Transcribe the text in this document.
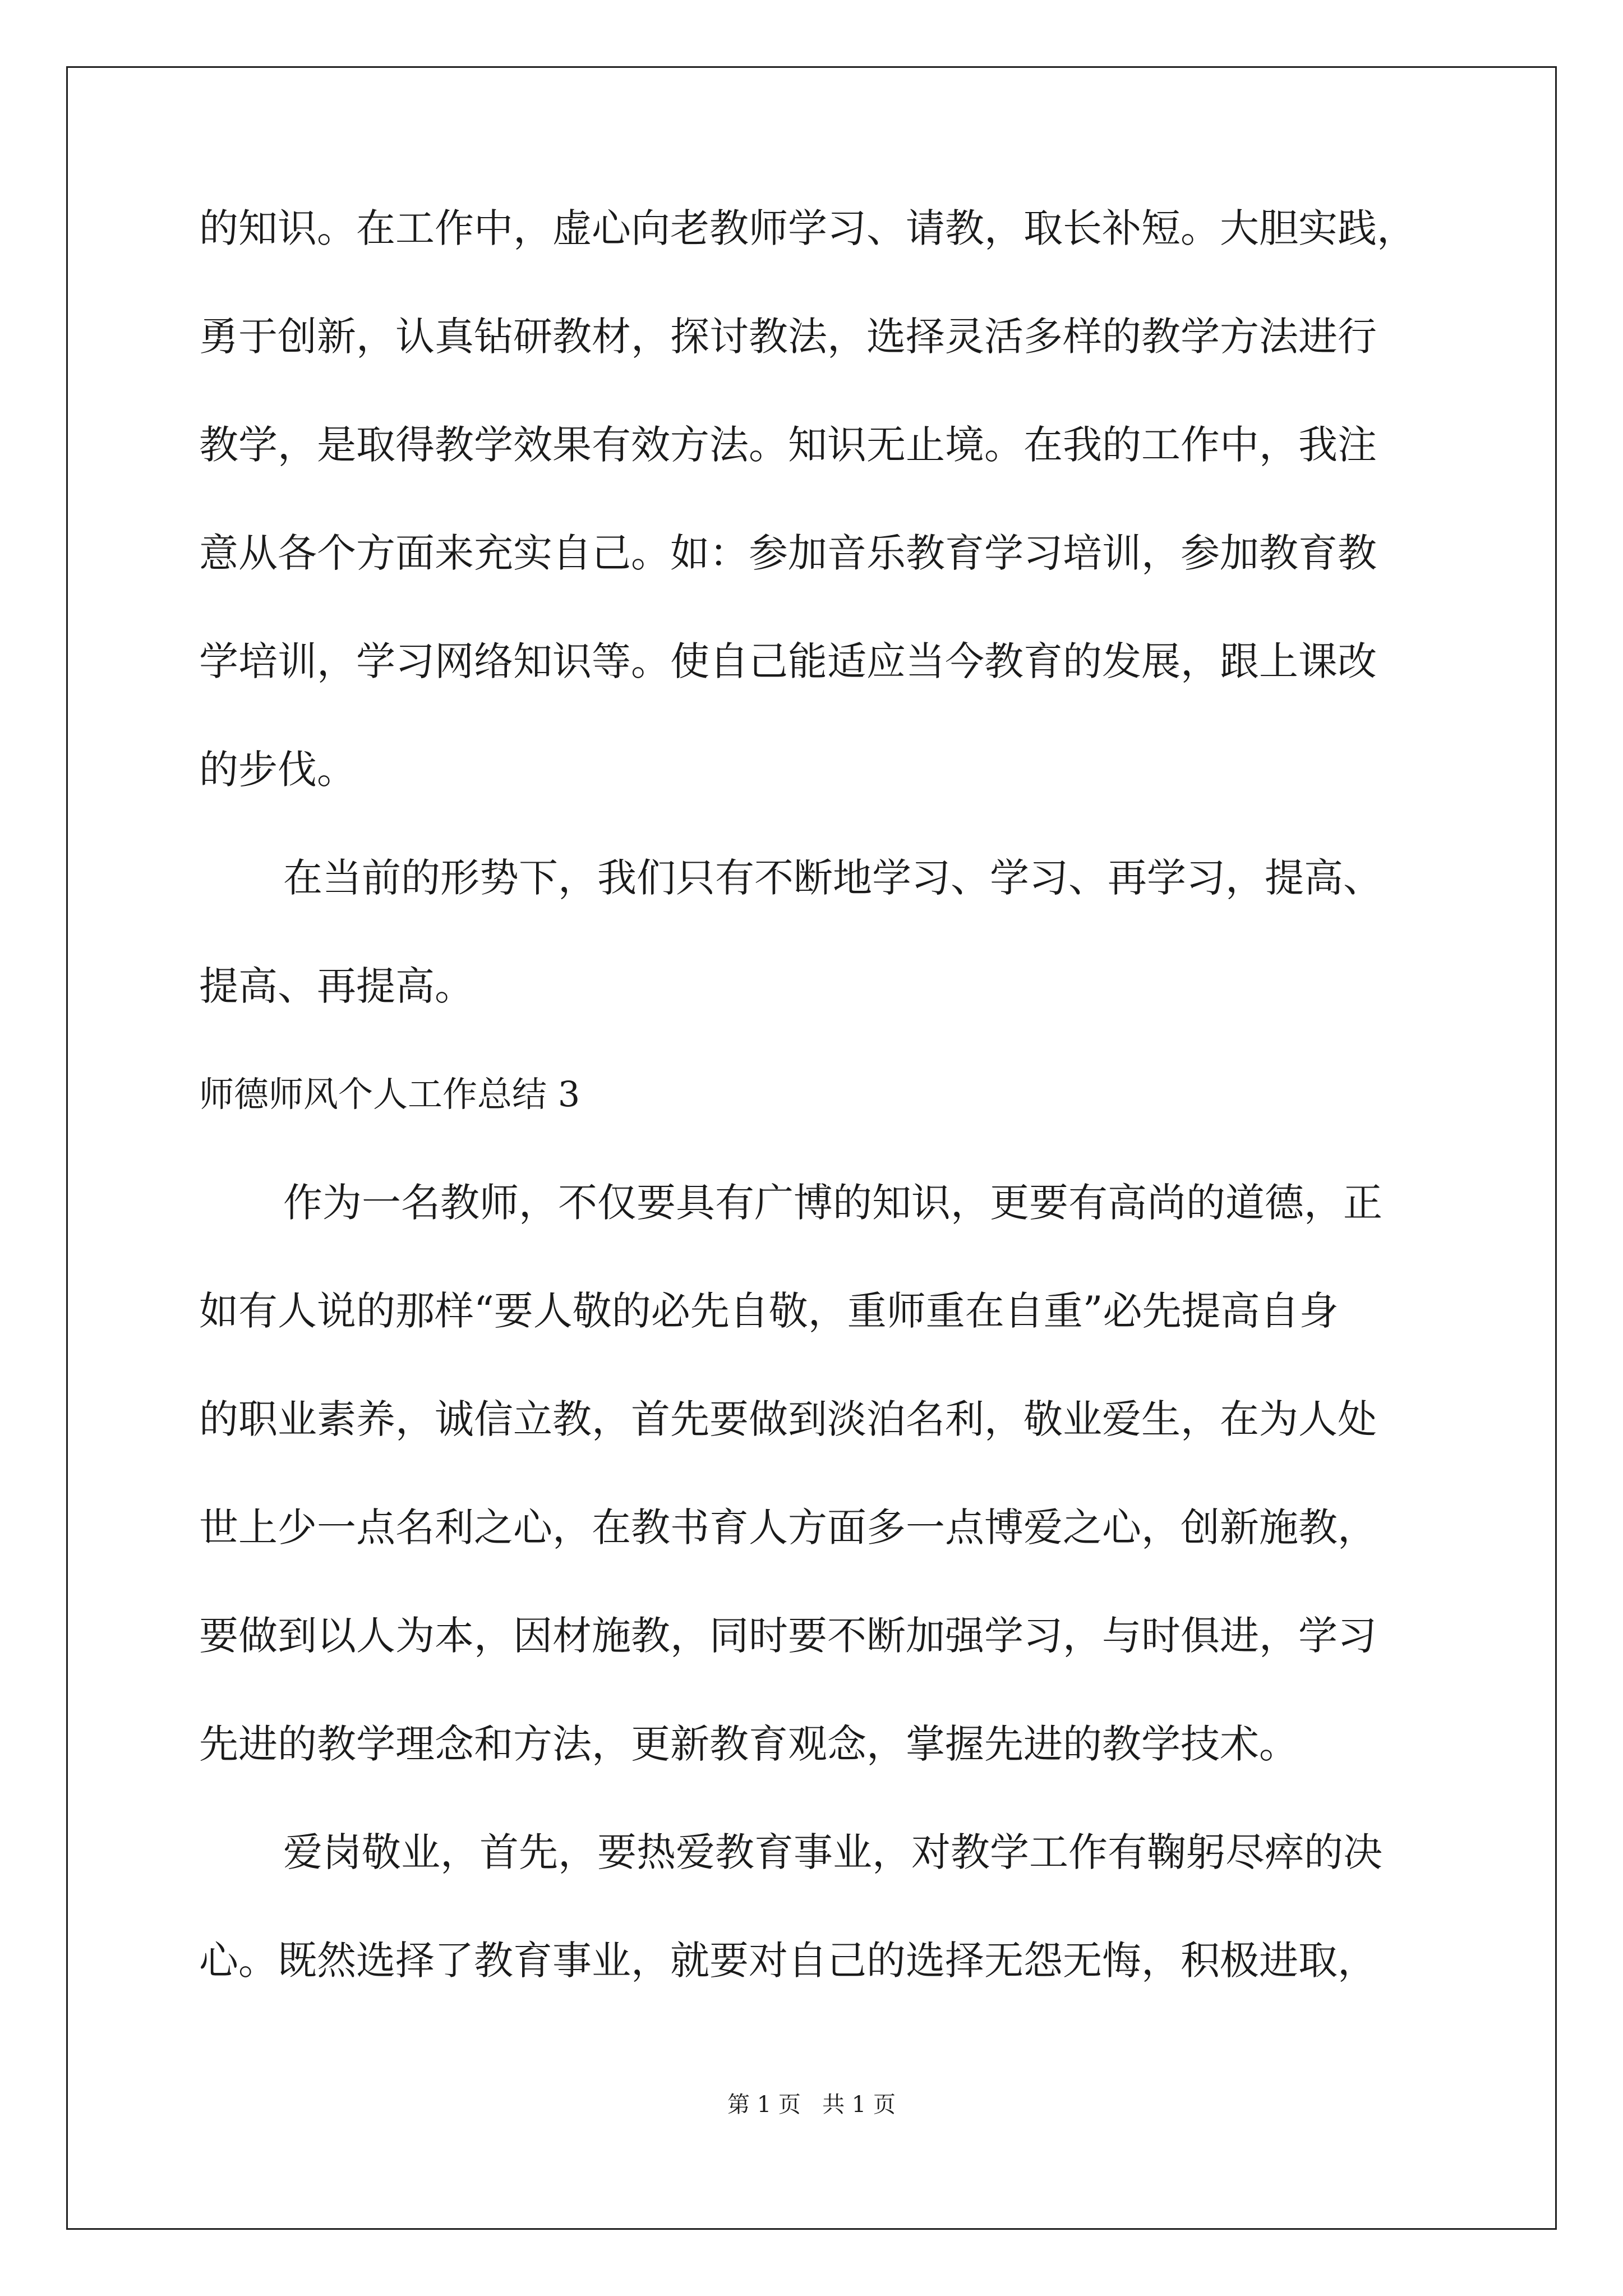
的知识。在工作中，虚心向老教师学习、请教，取长补短。大胆实践，
勇于创新，认真钻研教材，探讨教法，选择灵活多样的教学方法进行
教学，是取得教学效果有效方法。知识无止境。在我的工作中，我注
意从各个方面来充实自己。如：参加音乐教育学习培训，参加教育教
学培训，学习网络知识等。使自己能适应当今教育的发展，跟上课改
的步伐。
在当前的形势下，我们只有不断地学习、学习、再学习，提高、
提高、再提高。
师德师风个人工作总结 3
作为一名教师，不仅要具有广博的知识，更要有高尚的道德，正
如有人说的那样“要人敬的必先自敬，重师重在自重”必先提高自身
的职业素养，诚信立教，首先要做到淡泊名利，敬业爱生，在为人处
世上少一点名利之心，在教书育人方面多一点博爱之心，创新施教，
要做到以人为本，因材施教，同时要不断加强学习，与时俱进，学习
先进的教学理念和方法，更新教育观念，掌握先进的教学技术。
爱岗敬业，首先，要热爱教育事业，对教学工作有鞠躬尽瘁的决
心。既然选择了教育事业，就要对自己的选择无怨无悔，积极进取，
第 1 页   共 1 页
